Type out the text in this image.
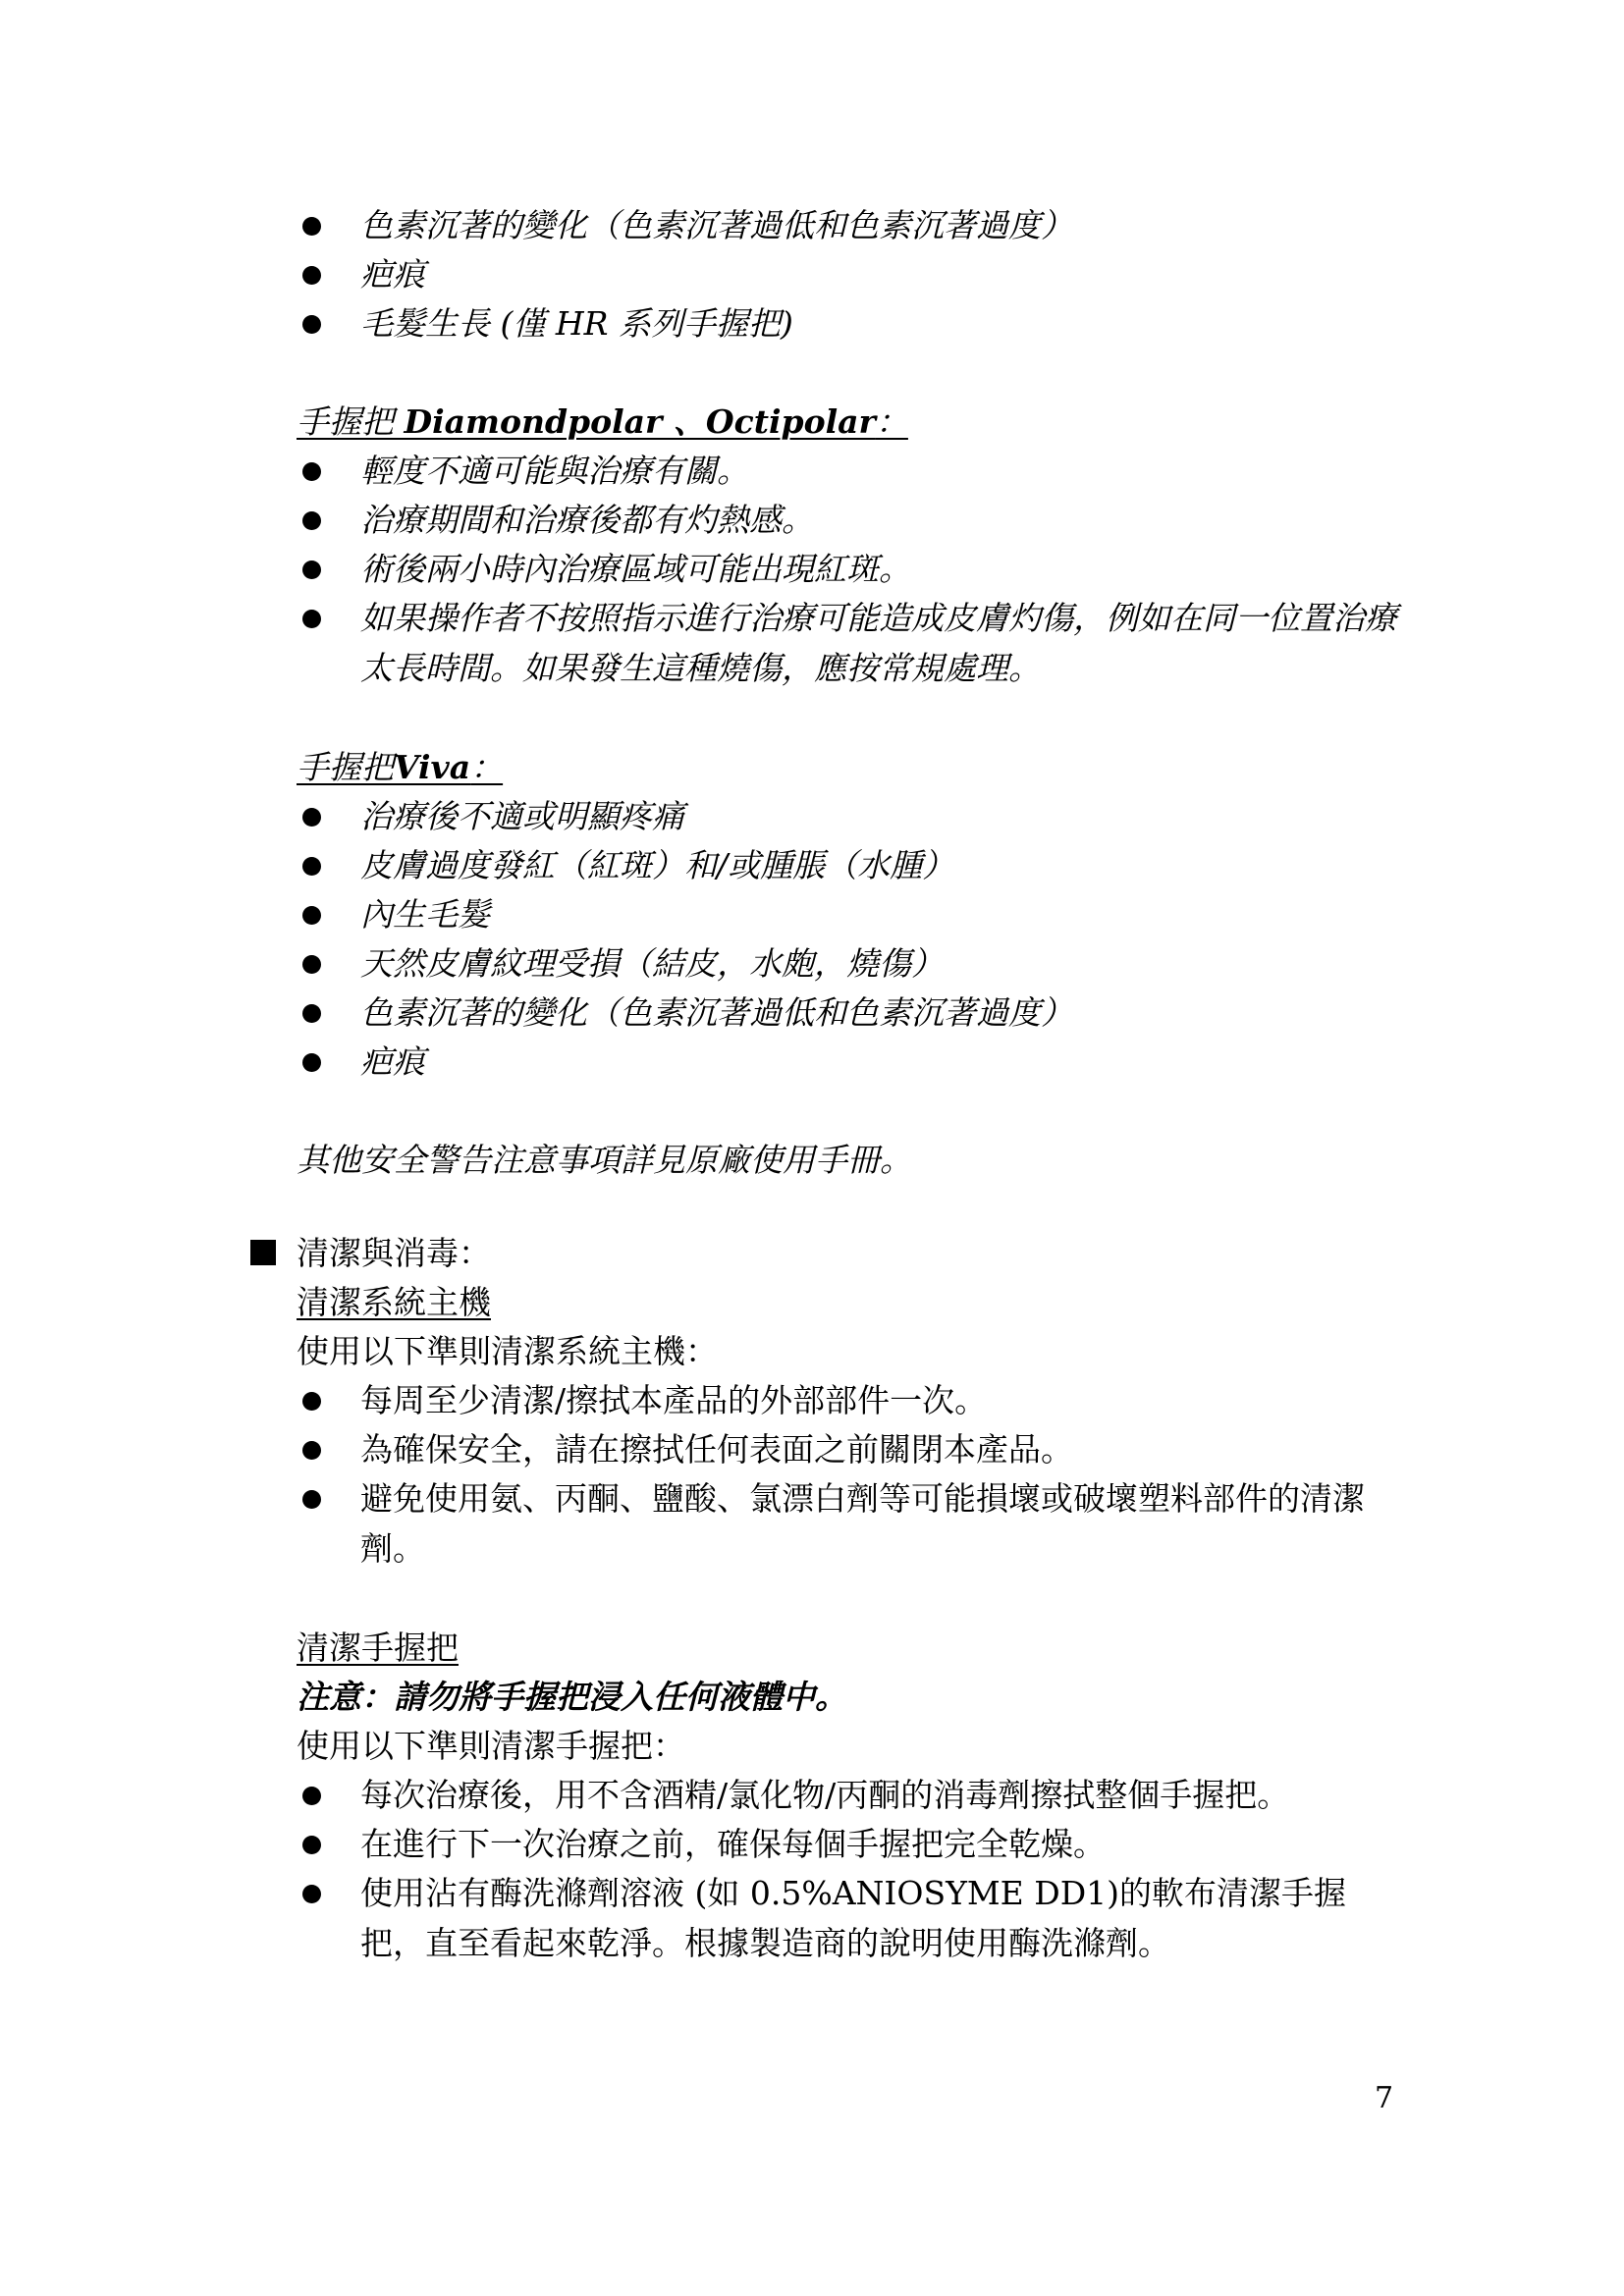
色素沉著的變化（色素沉著過低和色素沉著過度）
疤痕
毛髮生長 (僅 HR 系列手握把)
手握把 Diamondpolar 、Octipolar：
輕度不適可能與治療有關。
治療期間和治療後都有灼熱感。
術後兩小時內治療區域可能出現紅斑。
如果操作者不按照指示進行治療可能造成皮膚灼傷，例如在同一位置治療太長時間。如果發生這種燒傷，應按常規處理。
手握把Viva：
治療後不適或明顯疼痛
皮膚過度發紅（紅斑）和/或腫脹（水腫）
內生毛髮
天然皮膚紋理受損（結皮，水皰，燒傷）
色素沉著的變化（色素沉著過低和色素沉著過度）
疤痕
其他安全警告注意事項詳見原廠使用手冊。
清潔與消毒：
清潔系統主機
使用以下準則清潔系統主機：
每周至少清潔/擦拭本產品的外部部件一次。
為確保安全，請在擦拭任何表面之前關閉本產品。
避免使用氨、丙酮、鹽酸、氯漂白劑等可能損壞或破壞塑料部件的清潔劑。
清潔手握把
注意：請勿將手握把浸入任何液體中。
使用以下準則清潔手握把：
每次治療後，用不含酒精/氯化物/丙酮的消毒劑擦拭整個手握把。
在進行下一次治療之前，確保每個手握把完全乾燥。
使用沾有酶洗滌劑溶液 (如 0.5%ANIOSYME DD1)的軟布清潔手握把，直至看起來乾淨。根據製造商的說明使用酶洗滌劑。
7
